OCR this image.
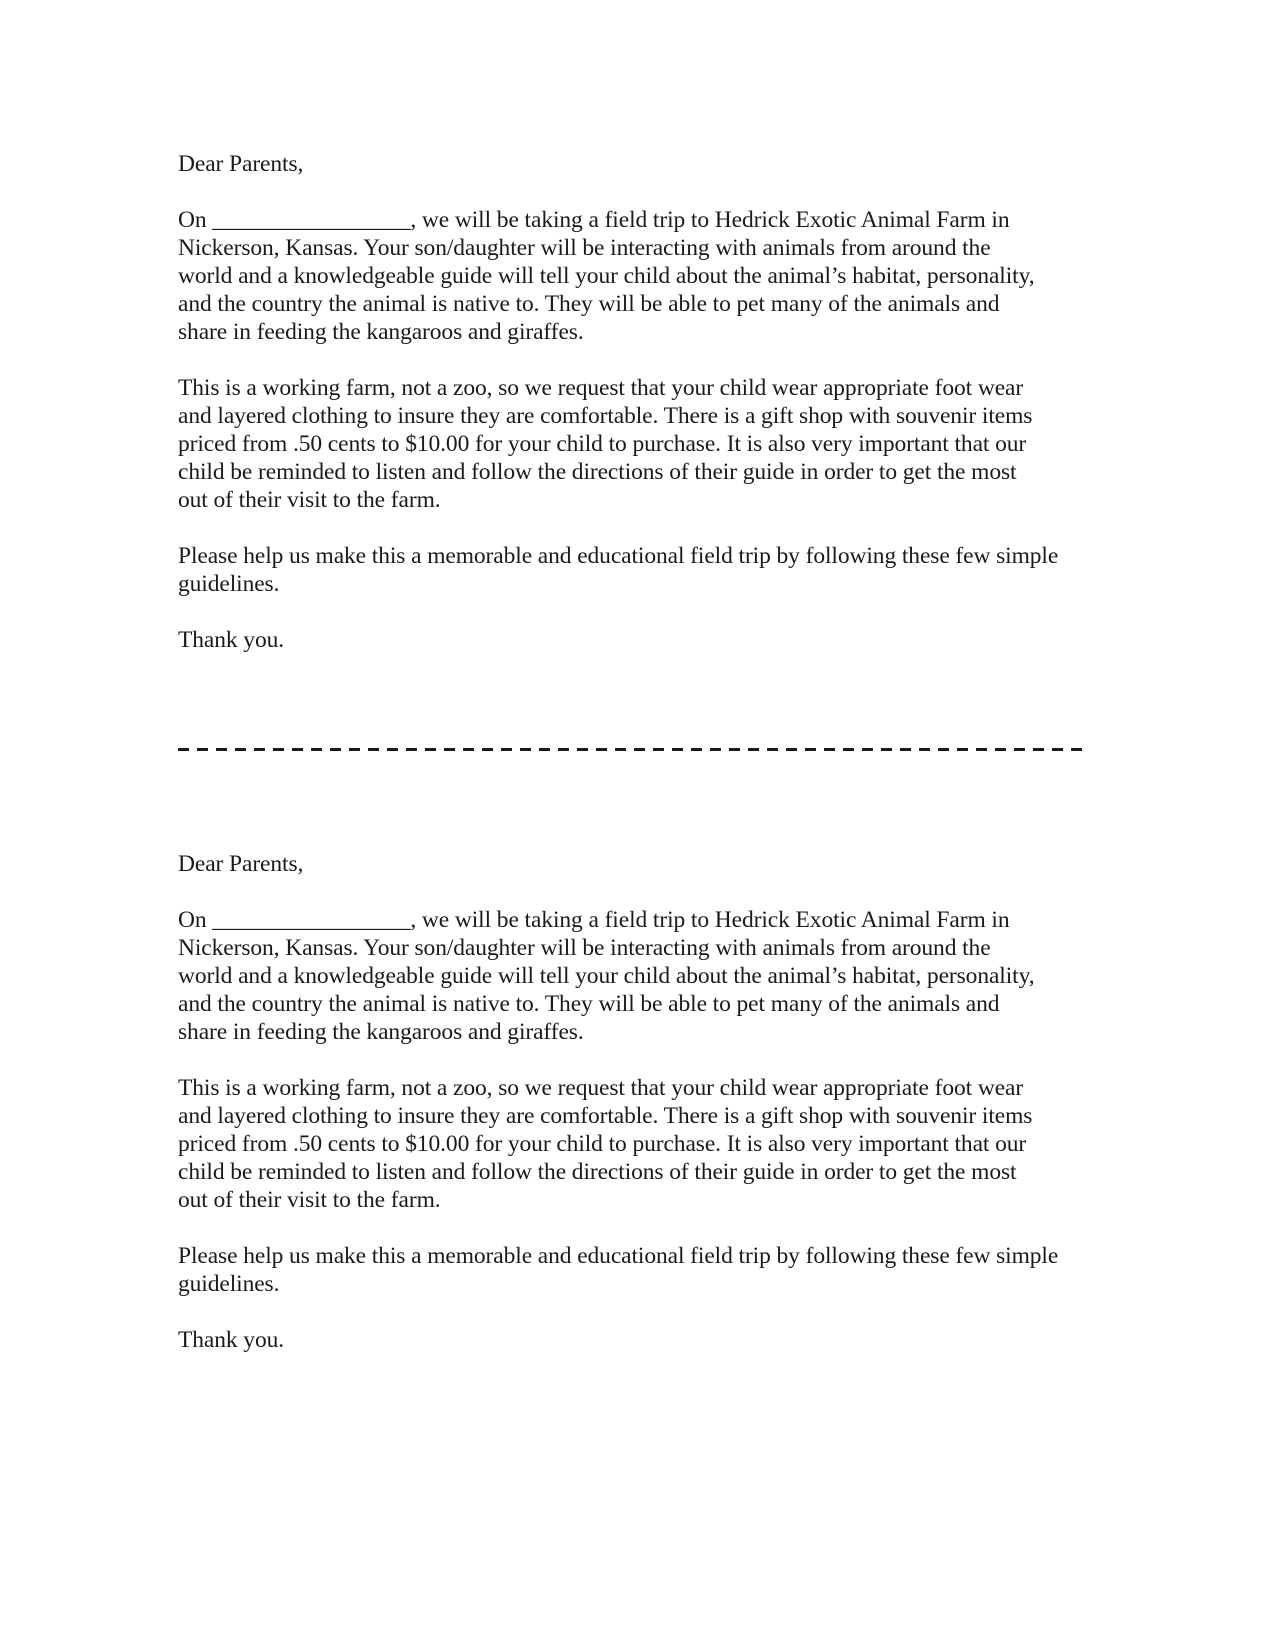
Dear Parents,
On _________________, we will be taking a field trip to Hedrick Exotic Animal Farm in
Nickerson, Kansas. Your son/daughter will be interacting with animals from around the
world and a knowledgeable guide will tell your child about the animal’s habitat, personality,
and the country the animal is native to. They will be able to pet many of the animals and
share in feeding the kangaroos and giraffes.
This is a working farm, not a zoo, so we request that your child wear appropriate foot wear
and layered clothing to insure they are comfortable. There is a gift shop with souvenir items
priced from .50 cents to $10.00 for your child to purchase. It is also very important that our
child be reminded to listen and follow the directions of their guide in order to get the most
out of their visit to the farm.
Please help us make this a memorable and educational field trip by following these few simple
guidelines.
Thank you.
Dear Parents,
On _________________, we will be taking a field trip to Hedrick Exotic Animal Farm in
Nickerson, Kansas. Your son/daughter will be interacting with animals from around the
world and a knowledgeable guide will tell your child about the animal’s habitat, personality,
and the country the animal is native to. They will be able to pet many of the animals and
share in feeding the kangaroos and giraffes.
This is a working farm, not a zoo, so we request that your child wear appropriate foot wear
and layered clothing to insure they are comfortable. There is a gift shop with souvenir items
priced from .50 cents to $10.00 for your child to purchase. It is also very important that our
child be reminded to listen and follow the directions of their guide in order to get the most
out of their visit to the farm.
Please help us make this a memorable and educational field trip by following these few simple
guidelines.
Thank you.
